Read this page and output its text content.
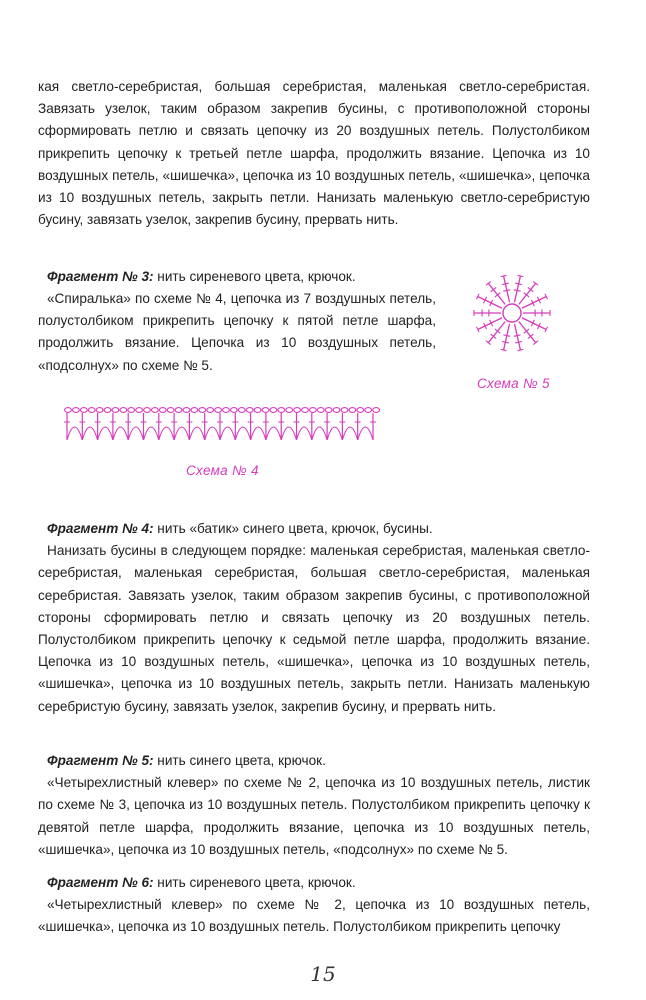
кая светло-серебристая, большая серебристая, маленькая светло-серебристая. Завязать узелок, таким образом закрепив бусины, с противоположной стороны сформировать петлю и связать цепочку из 20 воздушных петель. Полустолбиком прикрепить цепочку к третьей петле шарфа, продолжить вязание. Цепочка из 10 воздушных петель, «шишечка», цепочка из 10 воздушных петель, «шишечка», цепочка из 10 воздушных петель, закрыть петли. Нанизать маленькую светло-серебристую бусину, завязать узелок, закрепив бусину, прервать нить.

Фрагмент № 3: нить сиреневого цвета, крючок.

«Спиралька» по схеме № 4, цепочка из 7 воздушных петель, полустолбиком прикрепить цепочку к пятой петле шарфа, продолжить вязание. Цепочка из 10 воздушных петель, «подсолнух» по схеме № 5.

Схема № 5
Схема № 4

Фрагмент № 4: нить «батик» синего цвета, крючок, бусины.
Нанизать бусины в следующем порядке: маленькая серебристая, маленькая светло-серебристая, маленькая серебристая, большая светло-серебристая, маленькая серебристая. Завязать узелок, таким образом закрепив бусины, с противоположной стороны сформировать петлю и связать цепочку из 20 воздушных петель. Полустолбиком прикрепить цепочку к седьмой петле шарфа, продолжить вязание. Цепочка из 10 воздушных петель, «шишечка», цепочка из 10 воздушных петель, «шишечка», цепочка из 10 воздушных петель, закрыть петли. Нанизать маленькую серебристую бусину, завязать узелок, закрепив бусину, и прервать нить.

Фрагмент № 5: нить синего цвета, крючок.
«Четырехлистный клевер» по схеме № 2, цепочка из 10 воздушных петель, листик по схеме № 3, цепочка из 10 воздушных петель. Полустолбиком прикрепить цепочку к девятой петле шарфа, продолжить вязание, цепочка из 10 воздушных петель, «шишечка», цепочка из 10 воздушных петель, «подсолнух» по схеме № 5.

Фрагмент № 6: нить сиреневого цвета, крючок.
«Четырехлистный клевер» по схеме № 2, цепочка из 10 воздушных петель, «шишечка», цепочка из 10 воздушных петель. Полустолбиком прикрепить цепочку

15
